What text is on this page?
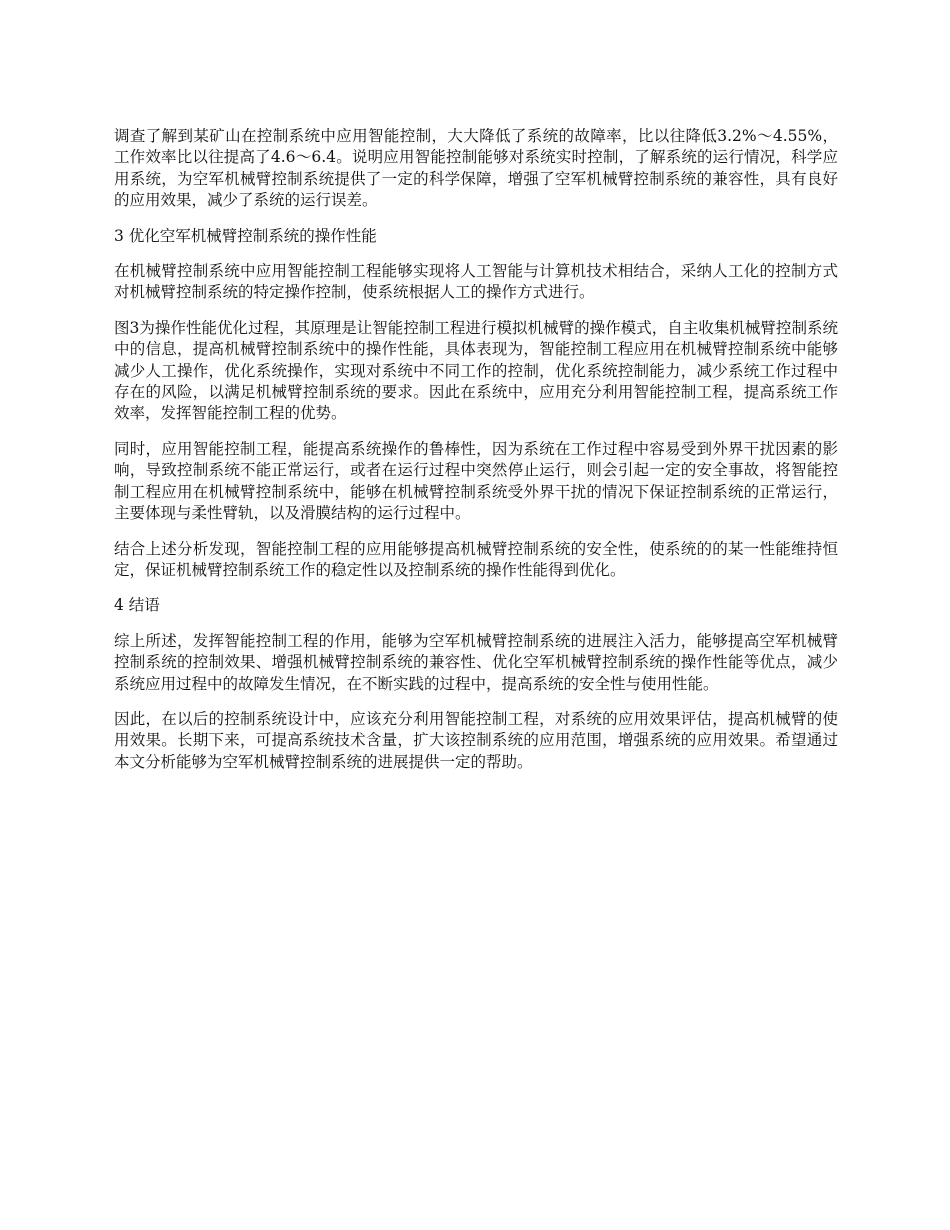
调查了解到某矿山在控制系统中应用智能控制，大大降低了系统的故障率，比以往降低3.2%～4.55%，工作效率比以往提高了4.6～6.4。说明应用智能控制能够对系统实时控制，了解系统的运行情况，科学应用系统，为空军机械臂控制系统提供了一定的科学保障，增强了空军机械臂控制系统的兼容性，具有良好的应用效果，减少了系统的运行误差。

3 优化空军机械臂控制系统的操作性能

在机械臂控制系统中应用智能控制工程能够实现将人工智能与计算机技术相结合，采纳人工化的控制方式对机械臂控制系统的特定操作控制，使系统根据人工的操作方式进行。

图3为操作性能优化过程，其原理是让智能控制工程进行模拟机械臂的操作模式，自主收集机械臂控制系统中的信息，提高机械臂控制系统中的操作性能，具体表现为，智能控制工程应用在机械臂控制系统中能够减少人工操作，优化系统操作，实现对系统中不同工作的控制，优化系统控制能力，减少系统工作过程中存在的风险，以满足机械臂控制系统的要求。因此在系统中，应用充分利用智能控制工程，提高系统工作效率，发挥智能控制工程的优势。

同时，应用智能控制工程，能提高系统操作的鲁棒性，因为系统在工作过程中容易受到外界干扰因素的影响，导致控制系统不能正常运行，或者在运行过程中突然停止运行，则会引起一定的安全事故，将智能控制工程应用在机械臂控制系统中，能够在机械臂控制系统受外界干扰的情况下保证控制系统的正常运行，主要体现与柔性臂轨，以及滑膜结构的运行过程中。

结合上述分析发现，智能控制工程的应用能够提高机械臂控制系统的安全性，使系统的的某一性能维持恒定，保证机械臂控制系统工作的稳定性以及控制系统的操作性能得到优化。

4 结语

综上所述，发挥智能控制工程的作用，能够为空军机械臂控制系统的进展注入活力，能够提高空军机械臂控制系统的控制效果、增强机械臂控制系统的兼容性、优化空军机械臂控制系统的操作性能等优点，减少系统应用过程中的故障发生情况，在不断实践的过程中，提高系统的安全性与使用性能。

因此，在以后的控制系统设计中，应该充分利用智能控制工程，对系统的应用效果评估，提高机械臂的使用效果。长期下来，可提高系统技术含量，扩大该控制系统的应用范围，增强系统的应用效果。希望通过本文分析能够为空军机械臂控制系统的进展提供一定的帮助。
